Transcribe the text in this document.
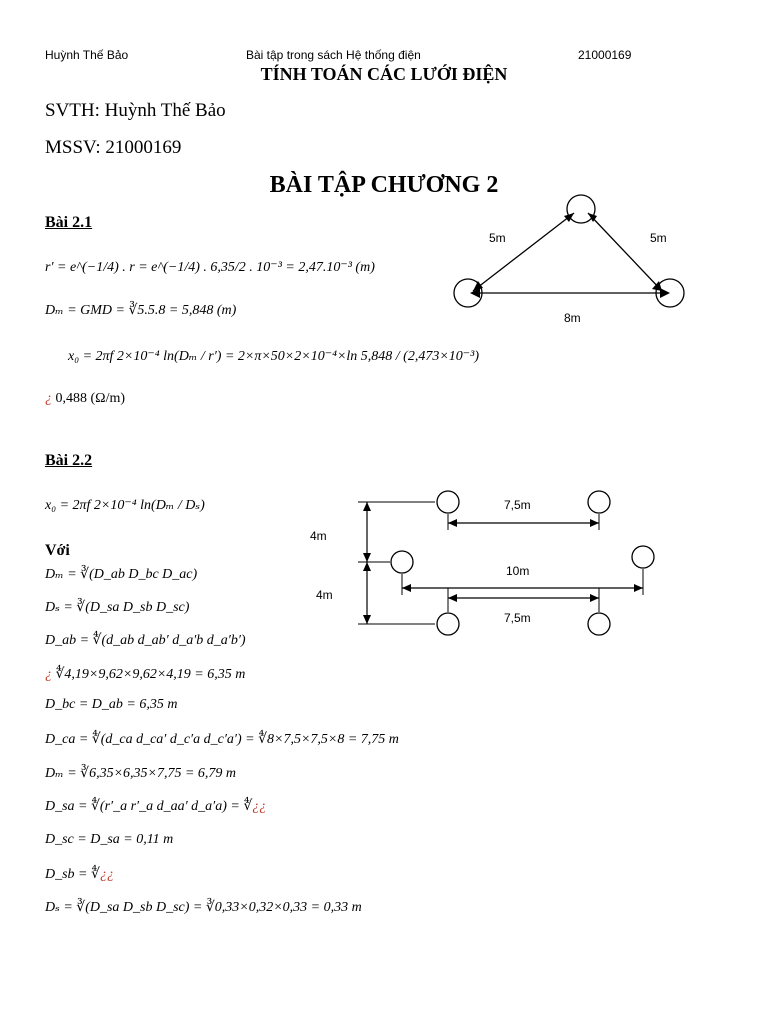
Huỳnh Thế Bảo	Bài tập trong sách Hệ thống điện	21000169
TÍNH TOÁN CÁC LƯỚI ĐIỆN
SVTH: Huỳnh Thế Bảo
MSSV: 21000169
BÀI TẬP CHƯƠNG 2
Bài 2.1
r′ = e^(−1/4) . r = e^(−1/4) . 6,35/2 . 10⁻³ = 2,47.10⁻³ (m)
Dₘ = GMD = ∛5.5.8 = 5,848 (m)
x₀ = 2πf 2×10⁻⁴ ln(Dₘ / r′) = 2×π×50×2×10⁻⁴×ln 5,848 / (2,473×10⁻³)
¿ 0,488 (Ω/m)
5m	5m
8m
Bài 2.2
x₀ = 2πf 2×10⁻⁴ ln(Dₘ / Dₛ)
Với
Dₘ = ∛(D_ab D_bc D_ac)
Dₛ = ∛(D_sa D_sb D_sc)
D_ab = ∜(d_ab d_ab′ d_a′b d_a′b′)
¿ ∜4,19×9,62×9,62×4,19 = 6,35 m
D_bc = D_ab = 6,35 m
D_ca = ∜(d_ca d_ca′ d_c′a d_c′a′) = ∜8×7,5×7,5×8 = 7,75 m
Dₘ = ∛6,35×6,35×7,75 = 6,79 m
D_sa = ∜(r′_a r′_a d_aa′ d_a′a) = ∜¿¿
D_sc = D_sa = 0,11 m
D_sb = ∜¿¿
Dₛ = ∛(D_sa D_sb D_sc) = ∛0,33×0,32×0,33 = 0,33 m
4m
4m
7,5m
10m
7,5m
